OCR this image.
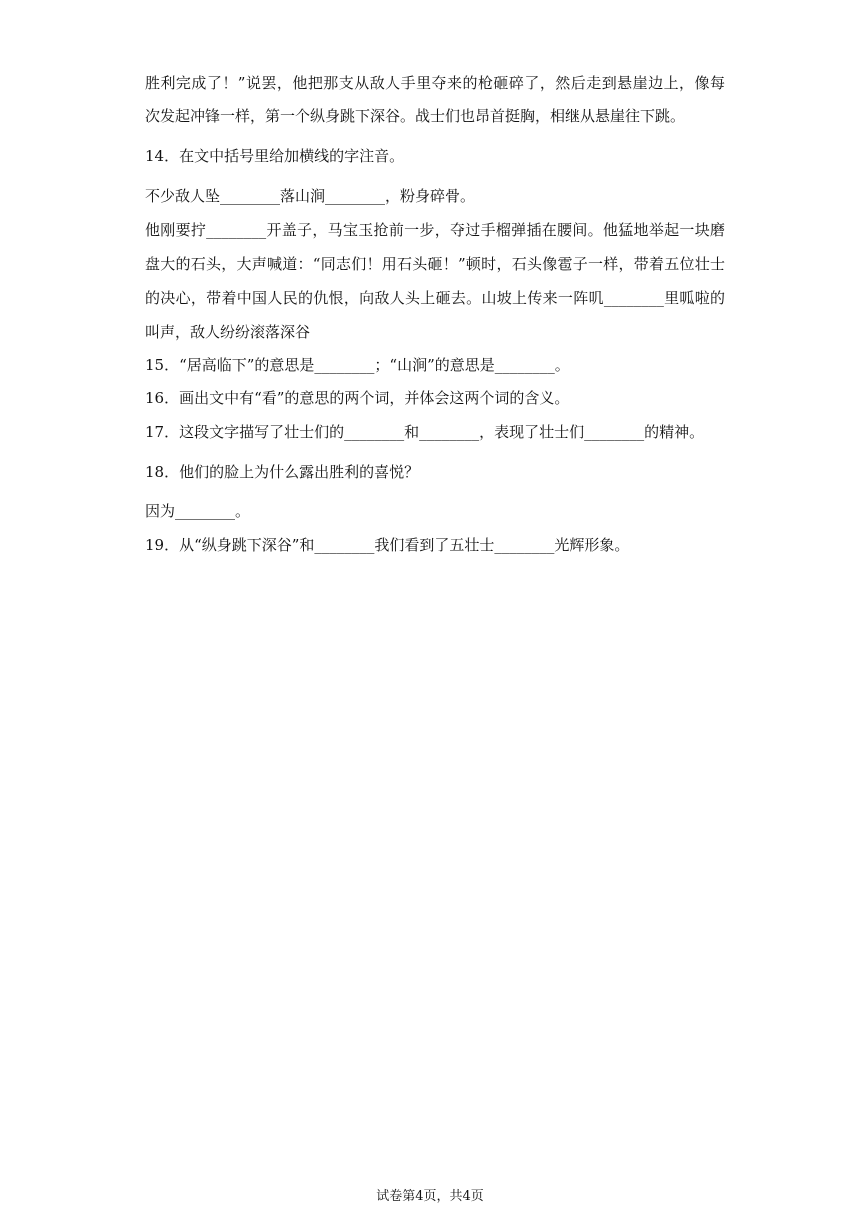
胜利完成了！”说罢，他把那支从敌人手里夺来的枪砸碎了，然后走到悬崖边上，像每
次发起冲锋一样，第一个纵身跳下深谷。战士们也昂首挺胸，相继从悬崖往下跳。
14．在文中括号里给加横线的字注音。
不少敌人坠________落山涧________，粉身碎骨。
他刚要拧________开盖子，马宝玉抢前一步，夺过手榴弹插在腰间。他猛地举起一块磨
盘大的石头，大声喊道：“同志们！用石头砸！”顿时，石头像雹子一样，带着五位壮士
的决心，带着中国人民的仇恨，向敌人头上砸去。山坡上传来一阵叽________里呱啦的
叫声，敌人纷纷滚落深谷
15．“居高临下”的意思是________；“山涧”的意思是________。
16．画出文中有“看”的意思的两个词，并体会这两个词的含义。
17．这段文字描写了壮士们的________和________，表现了壮士们________的精神。
18．他们的脸上为什么露出胜利的喜悦？
因为________。
19．从“纵身跳下深谷”和________我们看到了五壮士________光辉形象。
试卷第4页，共4页
